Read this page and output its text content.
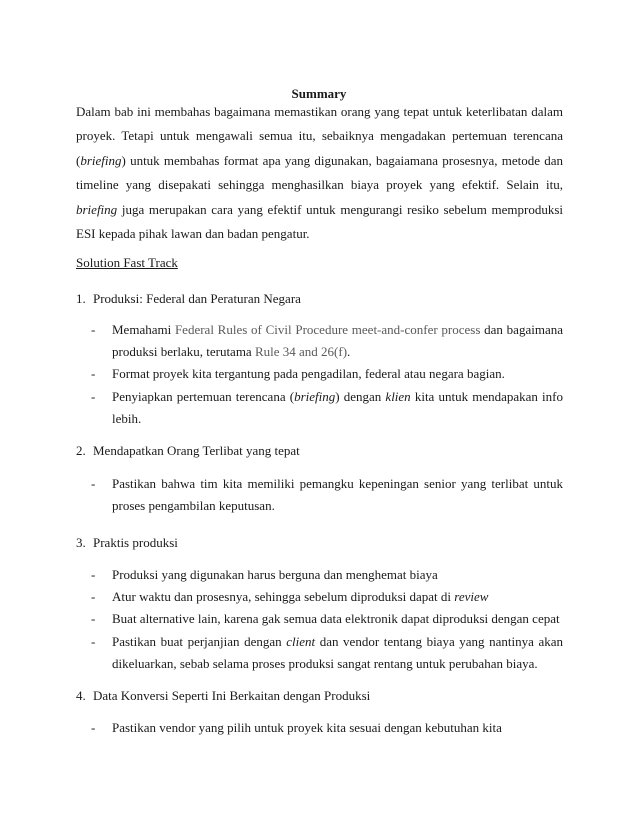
Summary

Dalam bab ini membahas bagaimana memastikan orang yang tepat untuk keterlibatan dalam proyek. Tetapi untuk mengawali semua itu, sebaiknya mengadakan pertemuan terencana (briefing) untuk membahas format apa yang digunakan, bagaiamana prosesnya, metode dan timeline yang disepakati sehingga menghasilkan biaya proyek yang efektif. Selain itu, briefing juga merupakan cara yang efektif untuk mengurangi resiko sebelum memproduksi ESI kepada pihak lawan dan badan pengatur.

Solution Fast Track
1. Produksi: Federal dan Peraturan Negara
- Memahami Federal Rules of Civil Procedure meet-and-confer process dan bagaimana produksi berlaku, terutama Rule 34 and 26(f).
- Format proyek kita tergantung pada pengadilan, federal atau negara bagian.
- Penyiapkan pertemuan terencana (briefing) dengan klien kita untuk mendapakan info lebih.
2. Mendapatkan Orang Terlibat yang tepat
- Pastikan bahwa tim kita memiliki pemangku kepeningan senior yang terlibat untuk proses pengambilan keputusan.
3. Praktis produksi
- Produksi yang digunakan harus berguna dan menghemat biaya
- Atur waktu dan prosesnya, sehingga sebelum diproduksi dapat di review
- Buat alternative lain, karena gak semua data elektronik dapat diproduksi dengan cepat
- Pastikan buat perjanjian dengan client dan vendor tentang biaya yang nantinya akan dikeluarkan, sebab selama proses produksi sangat rentang untuk perubahan biaya.
4. Data Konversi Seperti Ini Berkaitan dengan Produksi
- Pastikan vendor yang pilih untuk proyek kita sesuai dengan kebutuhan kita
